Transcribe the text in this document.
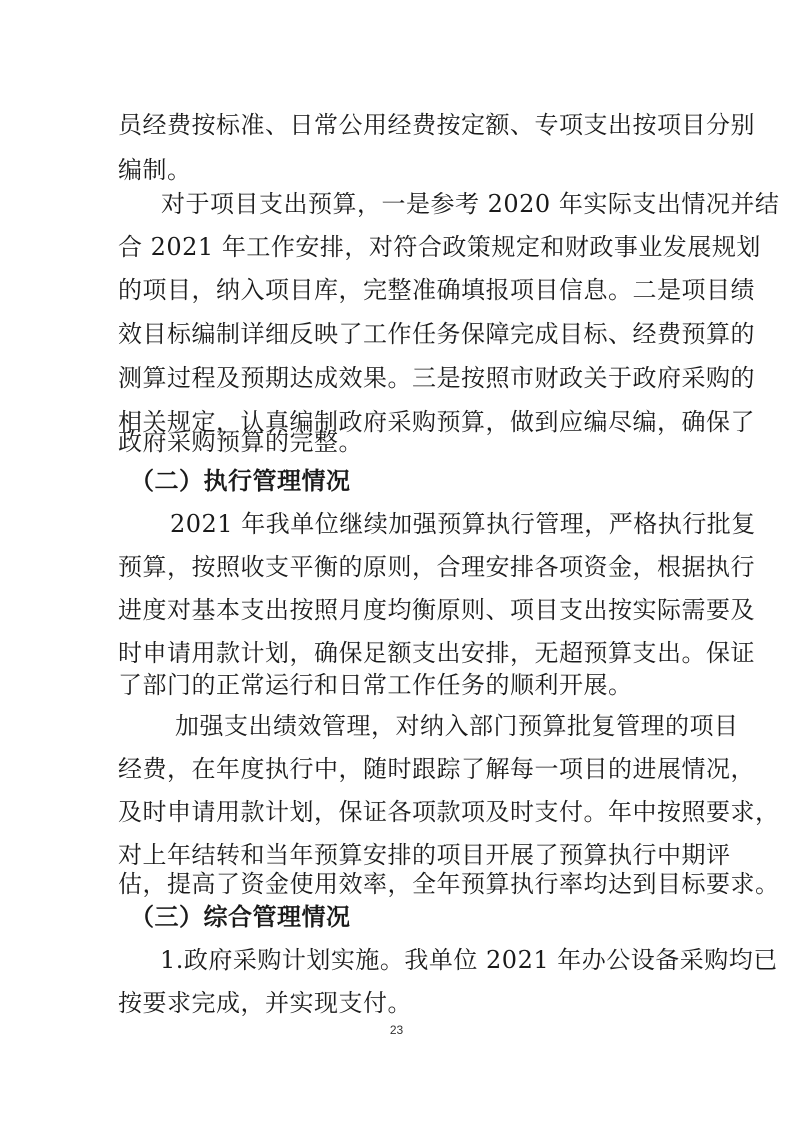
员经费按标准、日常公用经费按定额、专项支出按项目分别
编制。
对于项目支出预算，一是参考 2020 年实际支出情况并结
合 2021 年工作安排，对符合政策规定和财政事业发展规划
的项目，纳入项目库，完整准确填报项目信息。二是项目绩
效目标编制详细反映了工作任务保障完成目标、经费预算的
测算过程及预期达成效果。三是按照市财政关于政府采购的
相关规定，认真编制政府采购预算，做到应编尽编，确保了
政府采购预算的完整。
（二）执行管理情况
2021 年我单位继续加强预算执行管理，严格执行批复
预算，按照收支平衡的原则，合理安排各项资金，根据执行
进度对基本支出按照月度均衡原则、项目支出按实际需要及
时申请用款计划，确保足额支出安排，无超预算支出。保证
了部门的正常运行和日常工作任务的顺利开展。
加强支出绩效管理，对纳入部门预算批复管理的项目
经费，在年度执行中，随时跟踪了解每一项目的进展情况，
及时申请用款计划，保证各项款项及时支付。年中按照要求，
对上年结转和当年预算安排的项目开展了预算执行中期评
估，提高了资金使用效率，全年预算执行率均达到目标要求。
（三）综合管理情况
1.政府采购计划实施。我单位 2021 年办公设备采购均已
按要求完成，并实现支付。
23
